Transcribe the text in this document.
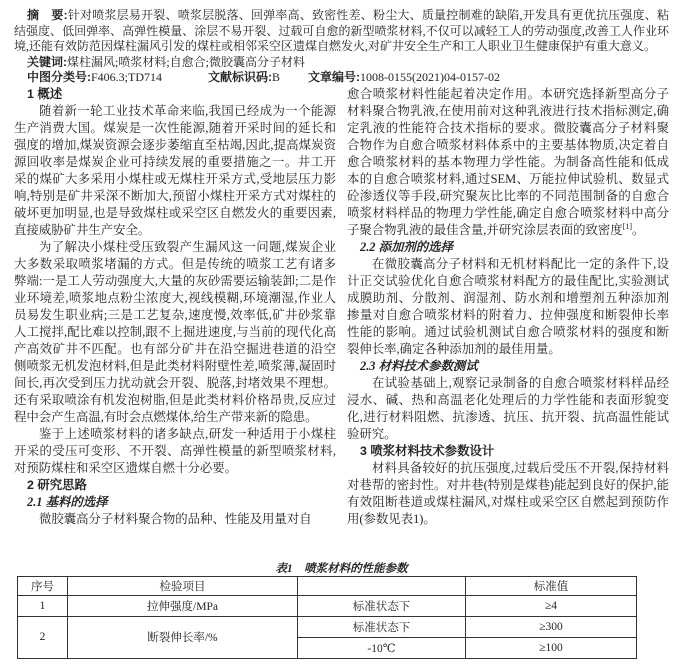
摘　要:针对喷浆层易开裂、喷浆层脱落、回弹率高、致密性差、粉尘大、质量控制难的缺陷,开发具有更优抗压强度、粘结强度、低回弹率、高弹性模量、涂层不易开裂、过载可自愈的新型喷浆材料,不仅可以减轻工人的劳动强度,改善工人作业环境,还能有效防范因煤柱漏风引发的煤柱或相邻采空区遗煤自燃发火,对矿井安全生产和工人职业卫生健康保护有重大意义。

关键词:煤柱漏风;喷浆材料;自愈合;微胶囊高分子材料

中图分类号:F406.3;TD714	文献标识码:B 文章编号:1008-0155(2021)04-0157-02

1 概述

随着新一轮工业技术革命来临,我国已经成为一个能源生产消费大国。煤炭是一次性能源,随着开采时间的延长和强度的增加,煤炭资源会逐步萎缩直至枯竭,因此,提高煤炭资源回收率是煤炭企业可持续发展的重要措施之一。井工开采的煤矿大多采用小煤柱或无煤柱开采方式,受地层压力影响,特别是矿井采深不断加大,预留小煤柱开采方式对煤柱的破坏更加明显,也是导致煤柱或采空区自燃发火的重要因素,直接威胁矿井生产安全。

为了解决小煤柱受压致裂产生漏风这一问题,煤炭企业大多数采取喷浆堵漏的方式。但是传统的喷浆工艺有诸多弊端:一是工人劳动强度大,大量的灰砂需要运输装卸;二是作业环境差,喷浆地点粉尘浓度大,视线模糊,环境潮湿,作业人员易发生职业病;三是工艺复杂,速度慢,效率低,矿井砂浆靠人工搅拌,配比难以控制,跟不上掘进速度,与当前的现代化高产高效矿井不匹配。也有部分矿井在沿空掘进巷道的沿空侧喷浆无机发泡材料,但是此类材料附壁性差,喷浆薄,凝固时间长,再次受到压力扰动就会开裂、脱落,封堵效果不理想。还有采取喷涂有机发泡树脂,但是此类材料价格昂贵,反应过程中会产生高温,有时会点燃煤体,给生产带来新的隐患。

鉴于上述喷浆材料的诸多缺点,研发一种适用于小煤柱开采的受压可变形、不开裂、高弹性模量的新型喷浆材料,对预防煤柱和采空区遗煤自燃十分必要。

2 研究思路
2.1 基料的选择

微胶囊高分子材料聚合物的品种、性能及用量对自

愈合喷浆材料性能起着决定作用。本研究选择新型高分子材料聚合物乳液,在使用前对这种乳液进行技术指标测定,确定乳液的性能符合技术指标的要求。微胶囊高分子材料聚合物作为自愈合喷浆材料体系中的主要基体物质,决定着自愈合喷浆材料的基本物理力学性能。为制备高性能和低成本的自愈合喷浆材料,通过SEM、万能拉伸试验机、数显式砼渗透仪等手段,研究聚灰比比率的不同范围制备的自愈合喷浆材料样品的物理力学性能,确定自愈合喷浆材料中高分子聚合物乳液的最佳含量,并研究涂层表面的致密度[1]。

2.2 添加剂的选择

在微胶囊高分子材料和无机材料配比一定的条件下,设计正交试验优化自愈合喷浆材料配方的最佳配比,实验测试成膜助剂、分散剂、润湿剂、防水剂和增塑剂五种添加剂掺量对自愈合喷浆材料的附着力、拉伸强度和断裂伸长率性能的影响。通过试验机测试自愈合喷浆材料的强度和断裂伸长率,确定各种添加剂的最佳用量。

2.3 材料技术参数测试

在试验基础上,观察记录制备的自愈合喷浆材料样品经浸水、碱、热和高温老化处理后的力学性能和表面形貌变化,进行材料阻燃、抗渗透、抗压、抗开裂、抗高温性能试验研究。

3 喷浆材料技术参数设计

材料具备较好的抗压强度,过载后受压不开裂,保持材料对巷帮的密封性。对井巷(特别是煤巷)能起到良好的保护,能有效阻断巷道或煤柱漏风,对煤柱或采空区自燃起到预防作用(参数见表1)。

表1　喷浆材料的性能参数
序号	检验项目		标准值
1	拉伸强度/MPa	标准状态下	≥4
2	断裂伸长率/%	标准状态下	≥300
		-10℃	≥100
